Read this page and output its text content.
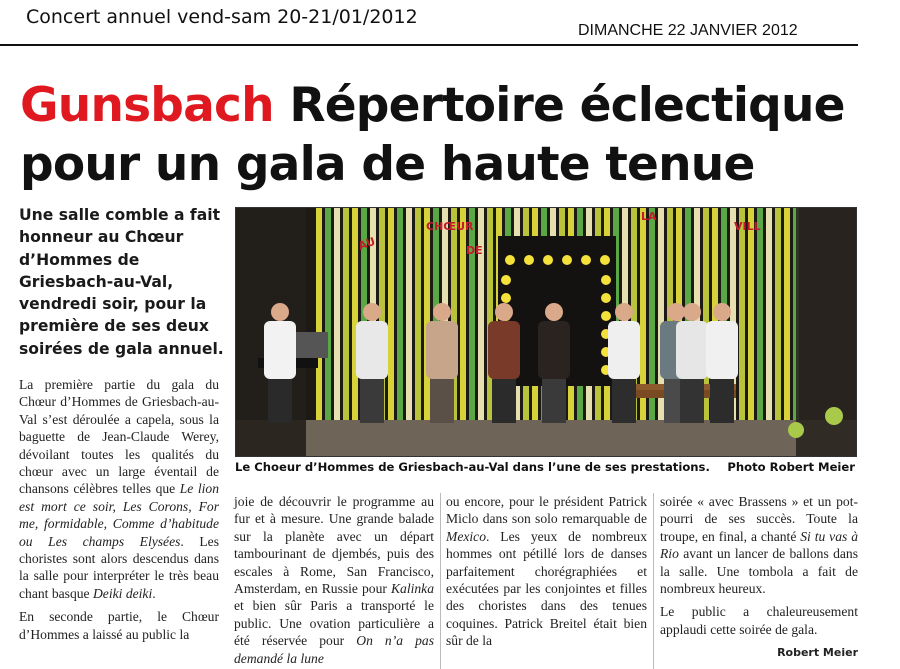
Concert annuel vend-sam 20-21/01/2012
DIMANCHE 22 JANVIER 2012
Gunsbach Répertoire éclectique
pour un gala de haute tenue
Une salle comble a fait honneur au Chœur d’Hommes de Griesbach-au-Val, vendredi soir, pour la première de ses deux soirées de gala annuel.
AU
CHŒUR
DE
LA
VILL
Le Choeur d’Hommes de Griesbach-au-Val dans l’une de ses prestations. Photo Robert Meier

La première partie du gala du Chœur d’Hommes de Griesbach-au-Val s’est déroulée a capela, sous la baguette de Jean-Claude Werey, dévoilant toutes les qualités du chœur avec un large éventail de chansons célèbres telles que Le lion est mort ce soir, Les Corons, For me, formidable, Comme d’habitude ou Les champs Elysées. Les choristes sont alors descendus dans la salle pour interpréter le très beau chant basque Deiki deiki.

En seconde partie, le Chœur d’Hommes a laissé au public la

joie de découvrir le programme au fur et à mesure. Une grande balade sur la planète avec un départ tambourinant de djembés, puis des escales à Rome, San Francisco, Amsterdam, en Russie pour Kalinka et bien sûr Paris a transporté le public. Une ovation particulière a été réservée pour On n’a pas demandé la lune

ou encore, pour le président Patrick Miclo dans son solo remarquable de Mexico. Les yeux de nombreux hommes ont pétillé lors de danses parfaitement chorégraphiées et exécutées par les conjointes et filles des choristes dans des tenues coquines. Patrick Breitel était bien sûr de la

soirée « avec Brassens » et un pot-pourri de ses succès. Toute la troupe, en final, a chanté Si tu vas à Rio avant un lancer de ballons dans la salle. Une tombola a fait de nombreux heureux.

Le public a chaleureusement applaudi cette soirée de gala.

Robert Meier
